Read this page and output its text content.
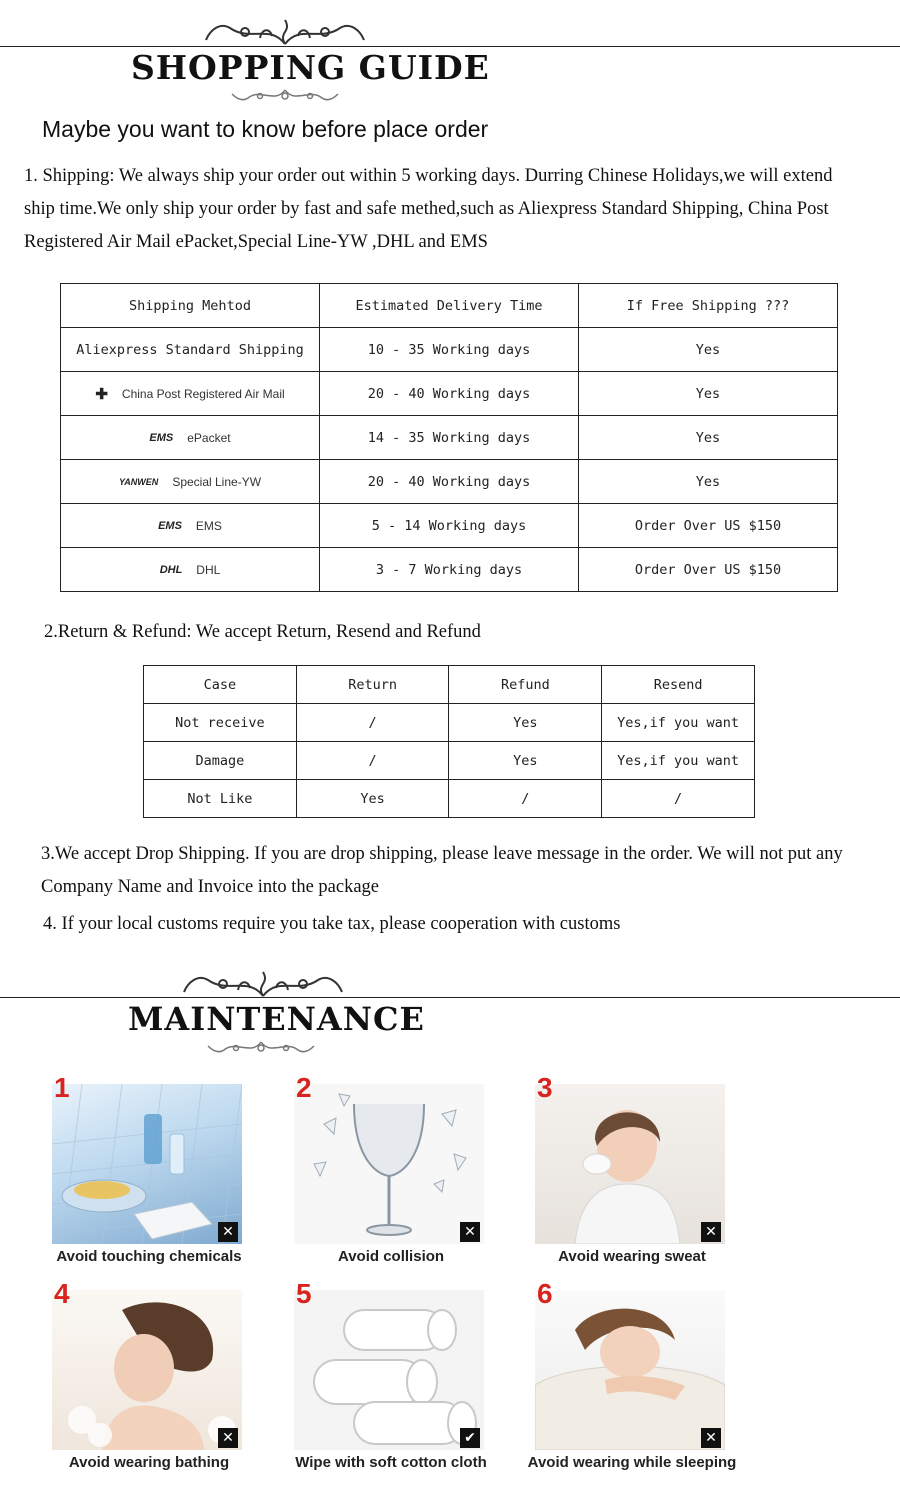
SHOPPING GUIDE
Maybe you want to know before place order
1. Shipping: We always ship your order out within 5 working days. Durring Chinese Holidays,we will extend ship time.We only ship your order by fast and safe methed,such as Aliexpress Standard Shipping, China Post Registered Air Mail ePacket,Special Line-YW ,DHL and EMS
Shipping Mehtod	Estimated Delivery Time	If Free Shipping ???
Aliexpress Standard Shipping	10 - 35 Working days	Yes
✚ China Post Registered Air Mail	20 - 40 Working days	Yes
EMS ePacket	14 - 35 Working days	Yes
YANWEN Special Line-YW	20 - 40 Working days	Yes
EMS EMS	5 - 14 Working days	Order Over US $150
DHL DHL	3 - 7 Working days	Order Over US $150
2.Return & Refund: We accept Return, Resend and Refund
Case	Return	Refund	Resend
Not receive	/	Yes	Yes,if you want
Damage	/	Yes	Yes,if you want
Not Like	Yes	/	/
3.We accept Drop Shipping. If you are drop shipping, please leave message in the order. We will not put any Company Name and Invoice into the package
4. If your local customs require you take tax, please cooperation with customs
MAINTENANCE
1
✕
Avoid touching chemicals
2
✕
Avoid collision
3
✕
Avoid wearing sweat
4
✕
Avoid wearing bathing
5
✔
Wipe with soft cotton cloth
6
✕
Avoid wearing while sleeping
